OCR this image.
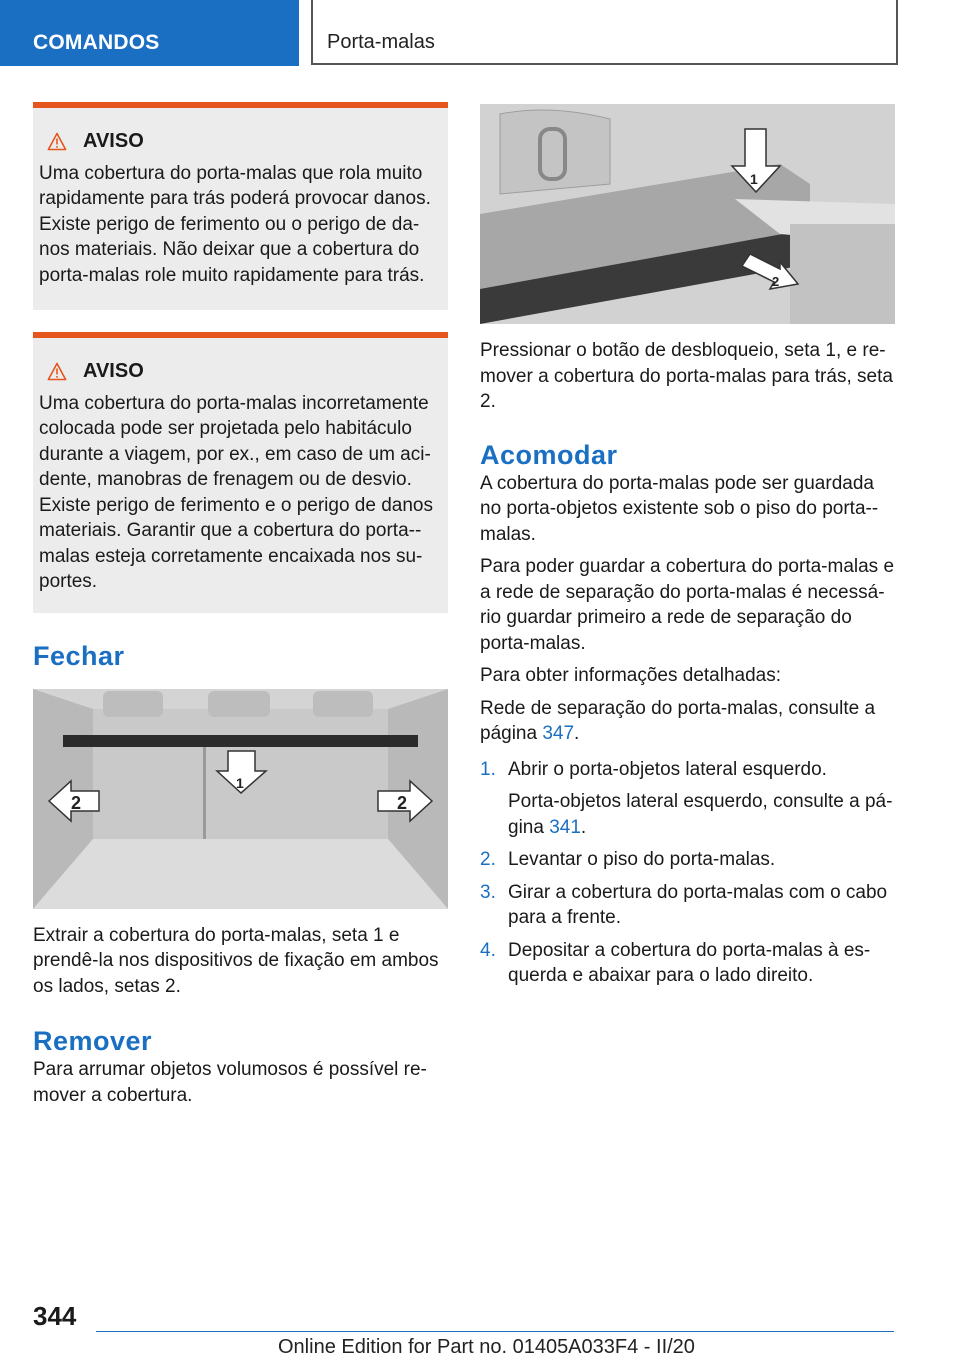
COMANDOS	Porta-malas
AVISO

Uma cobertura do porta-malas que rola muito rapidamente para trás poderá provocar danos. Existe perigo de ferimento ou o perigo de da-nos materiais. Não deixar que a cobertura do porta-malas role muito rapidamente para trás.

AVISO

Uma cobertura do porta-malas incorretamente colocada pode ser projetada pelo habitáculo durante a viagem, por ex., em caso de um aci-dente, manobras de frenagem ou de desvio. Existe perigo de ferimento e o perigo de danos materiais. Garantir que a cobertura do porta--malas esteja corretamente encaixada nos su-portes.

Fechar
1
2	2

Extrair a cobertura do porta-malas, seta 1 e prendê-la nos dispositivos de fixação em ambos os lados, setas 2.

Remover

Para arrumar objetos volumosos é possível re-mover a cobertura.

1
2

Pressionar o botão de desbloqueio, seta 1, e re-mover a cobertura do porta-malas para trás, seta 2.

Acomodar

A cobertura do porta-malas pode ser guardada no porta-objetos existente sob o piso do porta--malas.

Para poder guardar a cobertura do porta-malas e a rede de separação do porta-malas é necessá-rio guardar primeiro a rede de separação do porta-malas.

Para obter informações detalhadas:

Rede de separação do porta-malas, consulte a página 347.

1. Abrir o porta-objetos lateral esquerdo.
Porta-objetos lateral esquerdo, consulte a pá-gina 341.
2. Levantar o piso do porta-malas.
3. Girar a cobertura do porta-malas com o cabo para a frente.
4. Depositar a cobertura do porta-malas à es-querda e abaixar para o lado direito.
344
Online Edition for Part no. 01405A033F4 - II/20
